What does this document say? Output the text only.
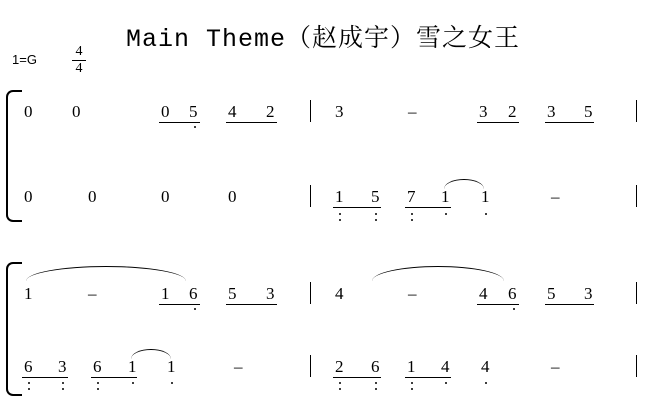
Main Theme（赵成宇）雪之女王
1=G
4
4
0 0	0 5 4 2	3	–	3 2 3 5
0	0	0	0	1 5 7 1 1	–
1	–	1 6 5 3	4	–	4 6 5 3
6 3 6 1 1	–	2 6 1 4 4	–
